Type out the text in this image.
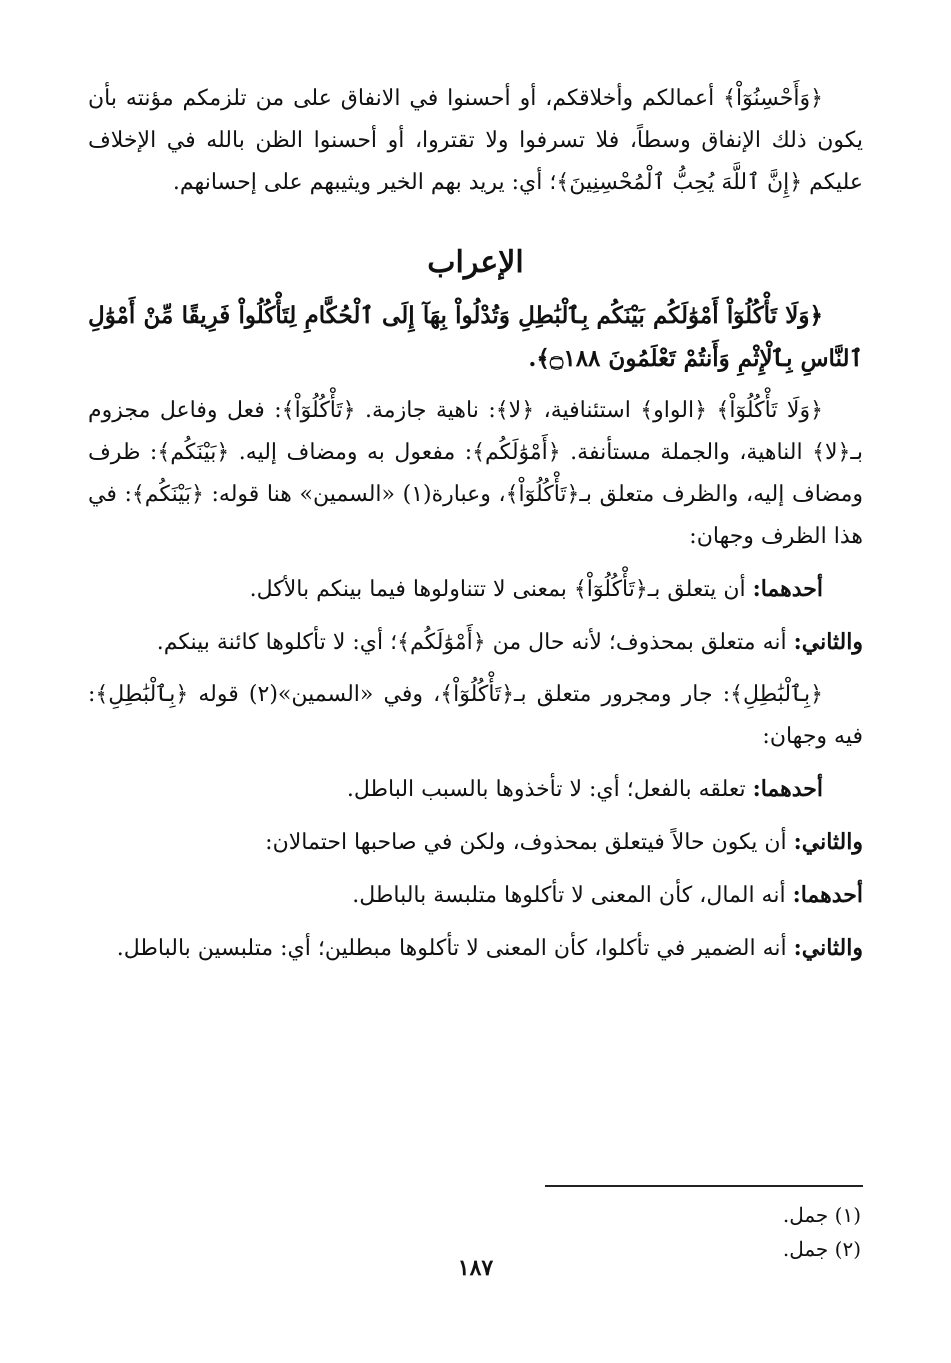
﴿وَأَحْسِنُوٓاْ﴾ أعمالكم وأخلاقكم، أو أحسنوا في الانفاق على من تلزمكم مؤنته بأن يكون ذلك الإنفاق وسطاً، فلا تسرفوا ولا تقتروا، أو أحسنوا الظن بالله في الإخلاف عليكم ﴿إِنَّ ٱللَّهَ يُحِبُّ ٱلْمُحْسِنِينَ﴾؛ أي: يريد بهم الخير ويثيبهم على إحسانهم.

الإعراب

﴿وَلَا تَأْكُلُوٓاْ أَمْوَٰلَكُم بَيْنَكُم بِٱلْبَٰطِلِ وَتُدْلُواْ بِهَآ إِلَى ٱلْحُكَّامِ لِتَأْكُلُواْ فَرِيقًا مِّنْ أَمْوَٰلِ ٱلنَّاسِ بِٱلْإِثْمِ وَأَنتُمْ تَعْلَمُونَ ۝١٨٨﴾.

﴿وَلَا تَأْكُلُوٓاْ﴾ ﴿الواو﴾ استئنافية، ﴿لا﴾: ناهية جازمة. ﴿تَأْكُلُوٓاْ﴾: فعل وفاعل مجزوم بـ﴿لا﴾ الناهية، والجملة مستأنفة. ﴿أَمْوَٰلَكُم﴾: مفعول به ومضاف إليه. ﴿بَيْنَكُم﴾: ظرف ومضاف إليه، والظرف متعلق بـ﴿تَأْكُلُوٓاْ﴾، وعبارة(١) «السمين» هنا قوله: ﴿بَيْنَكُم﴾: في هذا الظرف وجهان:

أحدهما: أن يتعلق بـ﴿تَأْكُلُوٓاْ﴾ بمعنى لا تتناولوها فيما بينكم بالأكل.

والثاني: أنه متعلق بمحذوف؛ لأنه حال من ﴿أَمْوَٰلَكُم﴾؛ أي: لا تأكلوها كائنة بينكم.

﴿بِٱلْبَٰطِلِ﴾: جار ومجرور متعلق بـ﴿تَأْكُلُوٓاْ﴾، وفي «السمين»(٢) قوله ﴿بِٱلْبَٰطِلِ﴾: فيه وجهان:

أحدهما: تعلقه بالفعل؛ أي: لا تأخذوها بالسبب الباطل.

والثاني: أن يكون حالاً فيتعلق بمحذوف، ولكن في صاحبها احتمالان:

أحدهما: أنه المال، كأن المعنى لا تأكلوها متلبسة بالباطل.

والثاني: أنه الضمير في تأكلوا، كأن المعنى لا تأكلوها مبطلين؛ أي: متلبسين بالباطل.

(١) جمل.(٢) جمل.
١٨٧
